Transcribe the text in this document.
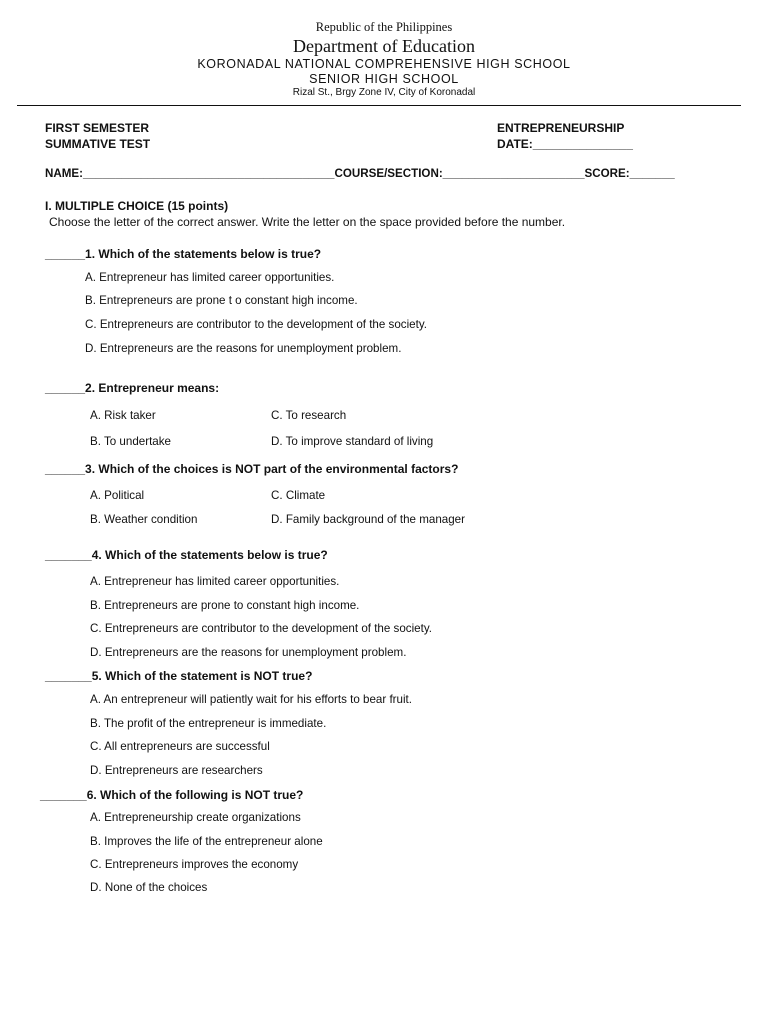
Republic of the Philippines
Department of Education
KORONADAL NATIONAL COMPREHENSIVE HIGH SCHOOL
SENIOR HIGH SCHOOL
Rizal St., Brgy Zone IV, City of Koronadal
FIRST SEMESTER
SUMMATIVE TEST
ENTREPRENEURSHIP
DATE:_______________
NAME:_______________________________________COURSE/SECTION:______________________SCORE:_______
I. MULTIPLE CHOICE (15 points)
Choose the letter of the correct answer. Write the letter on the space provided before the number.
______1. Which of the statements below is true?
A. Entrepreneur has limited career opportunities.
B. Entrepreneurs are prone t o constant high income.
C. Entrepreneurs are contributor to the development of the society.
D. Entrepreneurs are the reasons for unemployment problem.
______2. Entrepreneur means:
A. Risk taker	C. To research
B. To undertake	D. To improve standard of living
______3. Which of the choices is NOT part of the environmental factors?
A. Political	C. Climate
B. Weather condition	D. Family background of the manager
_______4. Which of the statements below is true?
A. Entrepreneur has limited career opportunities.
B. Entrepreneurs are prone to constant high income.
C. Entrepreneurs are contributor to the development of the society.
D. Entrepreneurs are the reasons for unemployment problem.
_______5. Which of the statement is NOT true?
A. An entrepreneur will patiently wait for his efforts to bear fruit.
B. The profit of the entrepreneur is immediate.
C. All entrepreneurs are successful
D. Entrepreneurs are researchers
_______6. Which of the following is NOT true?
A. Entrepreneurship create organizations
B. Improves the life of the entrepreneur alone
C. Entrepreneurs improves the economy
D. None of the choices
